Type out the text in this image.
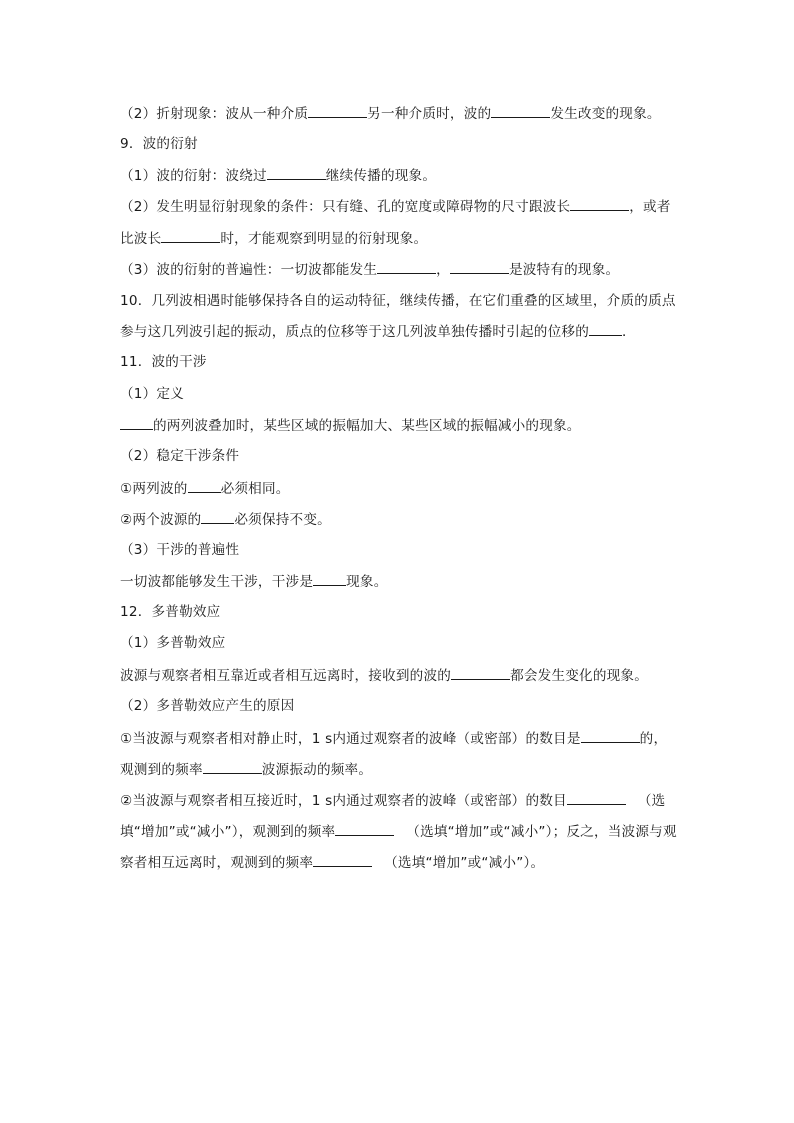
（2）折射现象：波从一种介质	另一种介质时，波的	发生改变的现象。
9．波的衍射
（1）波的衍射：波绕过	继续传播的现象。
（2）发生明显衍射现象的条件：只有缝、孔的宽度或障碍物的尺寸跟波长	，或者
比波长	时，才能观察到明显的衍射现象。
（3）波的衍射的普遍性：一切波都能发生	，	是波特有的现象。
10．几列波相遇时能够保持各自的运动特征，继续传播，在它们重叠的区域里，介质的质点
参与这几列波引起的振动，质点的位移等于这几列波单独传播时引起的位移的 ．
11．波的干涉
（1）定义
的两列波叠加时，某些区域的振幅加大、某些区域的振幅减小的现象。
（2）稳定干涉条件
①两列波的 必须相同。
②两个波源的 必须保持不变。
（3）干涉的普遍性
一切波都能够发生干涉，干涉是 现象。
12．多普勒效应
（1）多普勒效应
波源与观察者相互靠近或者相互远离时，接收到的波的	都会发生变化的现象。
（2）多普勒效应产生的原因
①当波源与观察者相对静止时，1 s内通过观察者的波峰（或密部）的数目是	的，
观测到的频率	波源振动的频率。
②当波源与观察者相互接近时，1 s内通过观察者的波峰（或密部）的数目	（选
填“增加”或“减小”），观测到的频率	（选填“增加”或“减小”）；反之，当波源与观
察者相互远离时，观测到的频率	（选填“增加”或“减小”）。
